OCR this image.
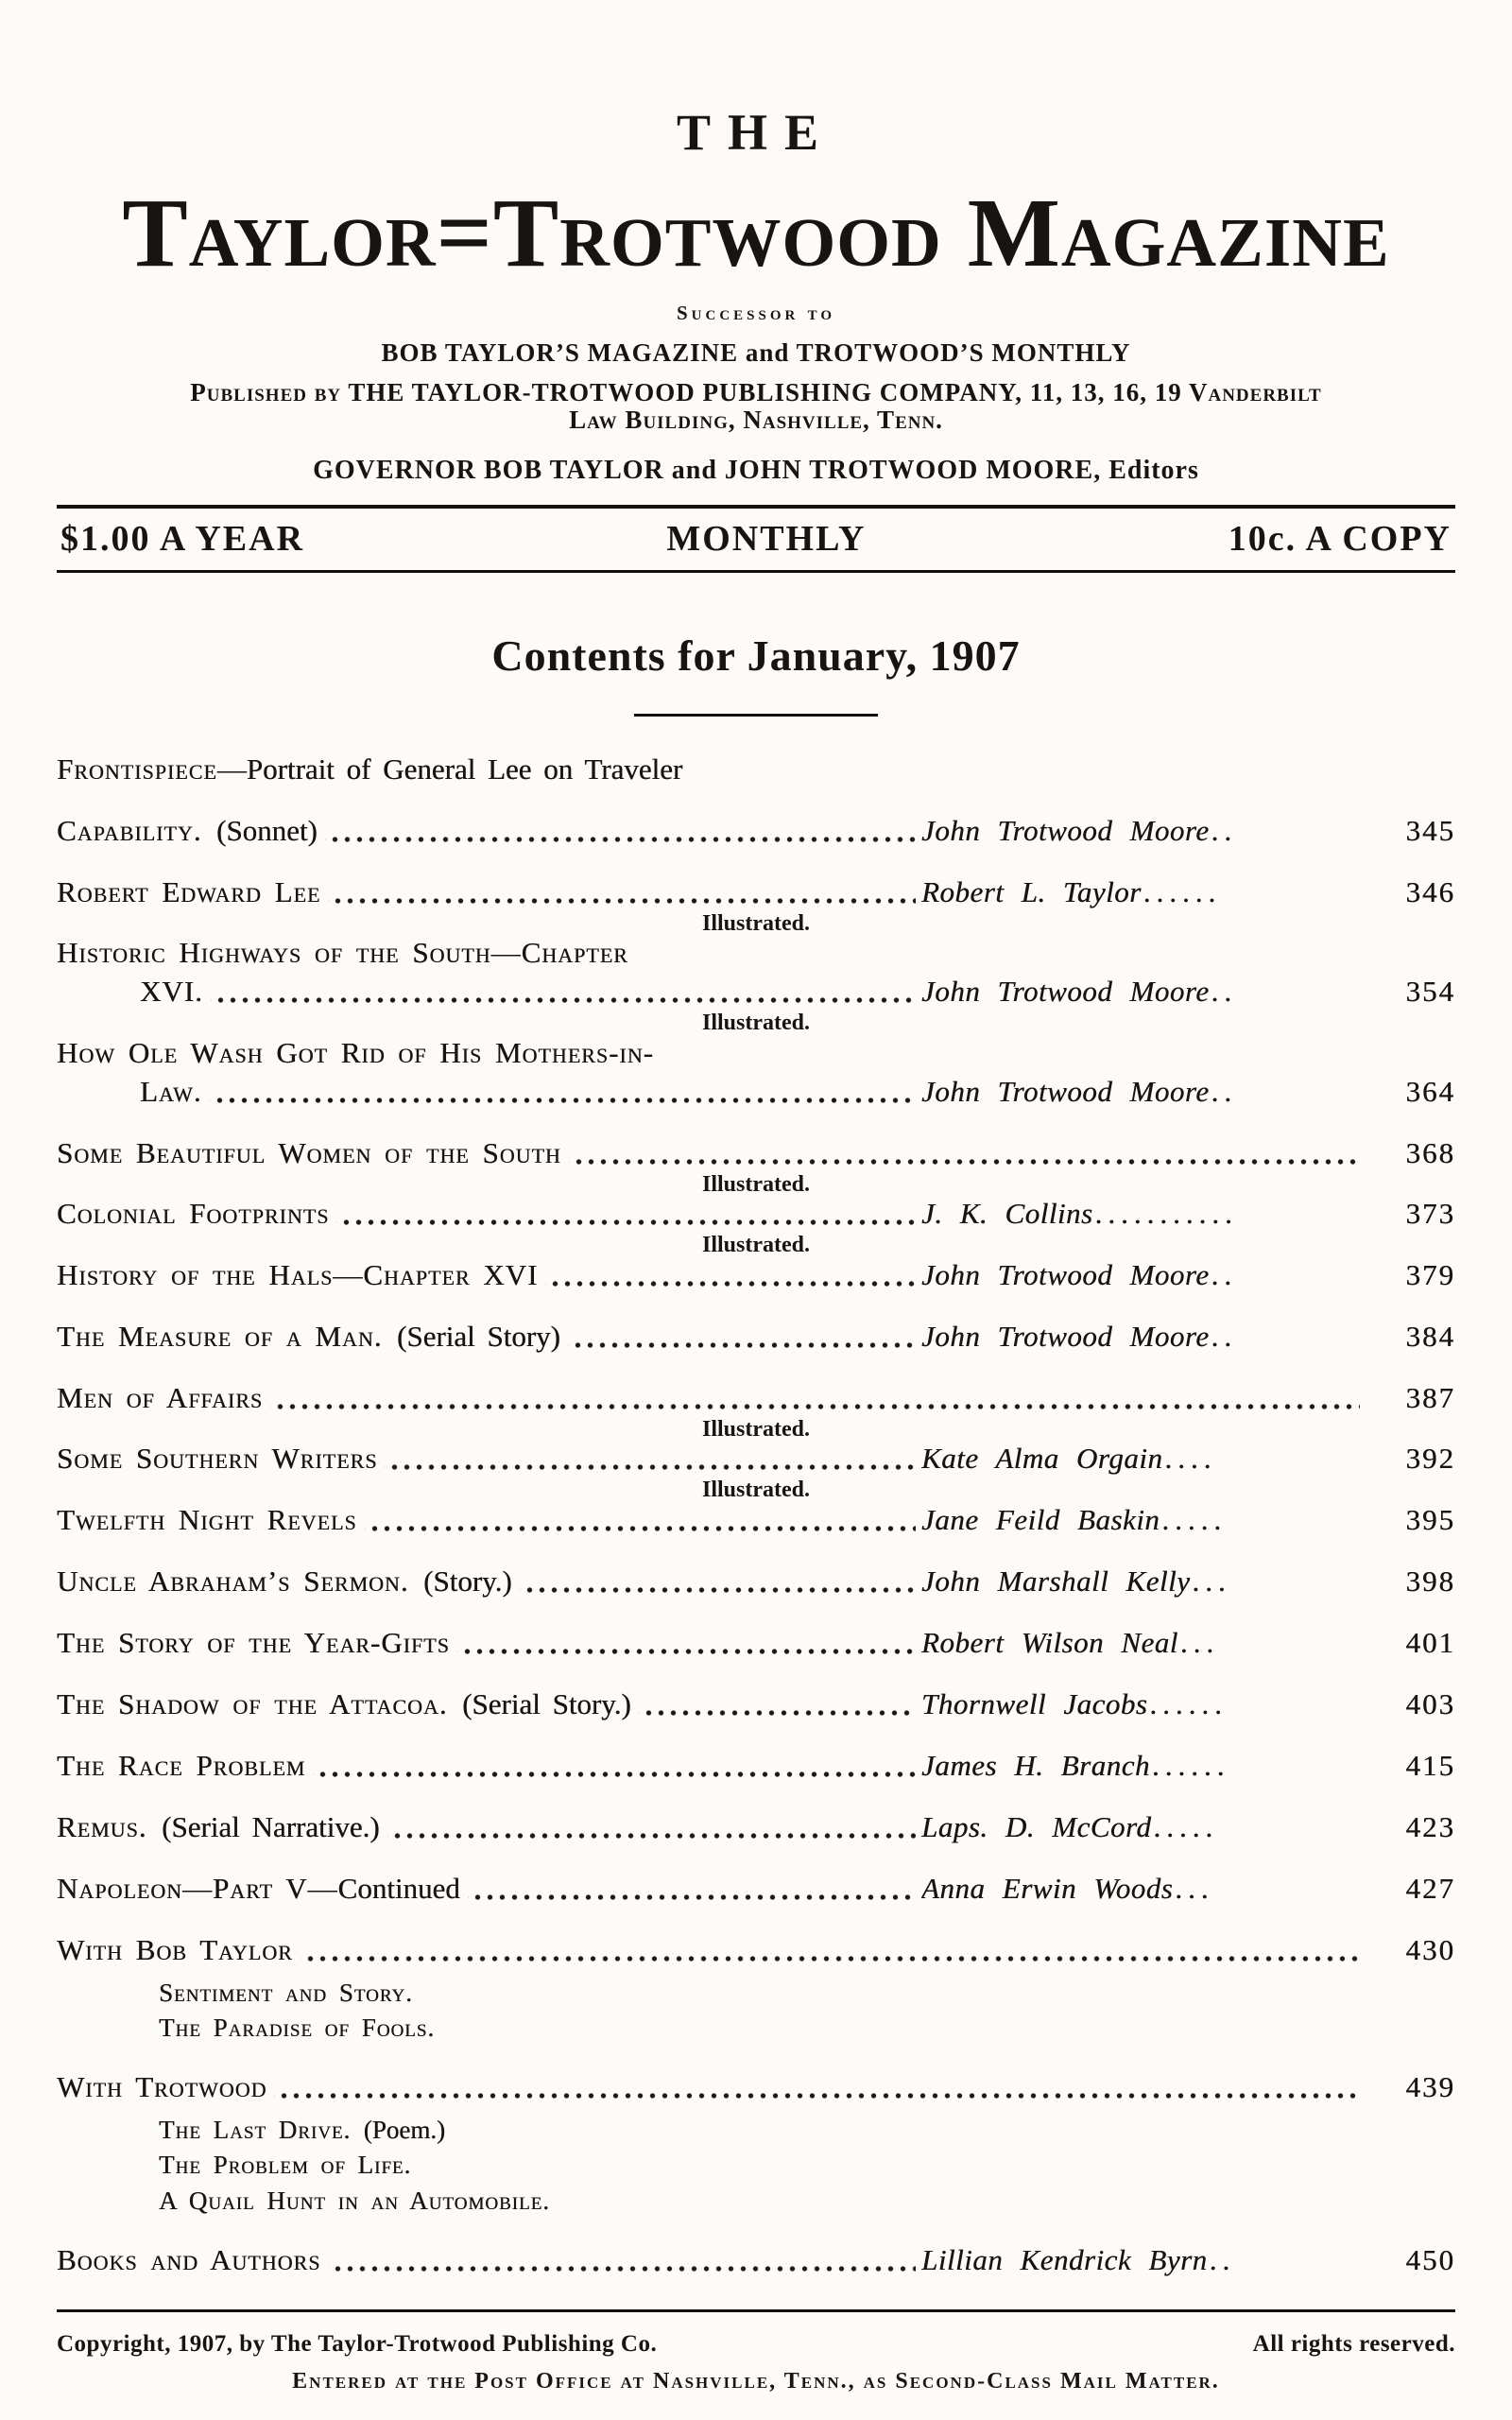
THE
Taylor=Trotwood Magazine
Successor to
BOB TAYLOR’S MAGAZINE and TROTWOOD’S MONTHLY
Published by THE TAYLOR-TROTWOOD PUBLISHING COMPANY, 11, 13, 16, 19 Vanderbilt
Law Building, Nashville, Tenn.
GOVERNOR BOB TAYLOR and JOHN TROTWOOD MOORE, Editors
$1.00 A YEAR	MONTHLY	10c. A COPY
Contents for January, 1907
Frontispiece—Portrait of General Lee on Traveler
Capability. (Sonnet)	John Trotwood Moore ..	345
Robert Edward Lee	Robert L. Taylor ......	346
Illustrated.
Historic Highways of the South—Chapter
XVI.	John Trotwood Moore ..	354
Illustrated.
How Ole Wash Got Rid of His Mothers-in-
Law.	John Trotwood Moore ..	364
Some Beautiful Women of the South	368
Illustrated.
Colonial Footprints	J. K. Collins ...........	373
Illustrated.
History of the Hals—Chapter XVI	John Trotwood Moore ..	379
The Measure of a Man. (Serial Story)	John Trotwood Moore ..	384
Men of Affairs	387
Illustrated.
Some Southern Writers	Kate Alma Orgain ....	392
Illustrated.
Twelfth Night Revels	Jane Feild Baskin .....	395
Uncle Abraham’s Sermon. (Story.)	John Marshall Kelly ...	398
The Story of the Year-Gifts	Robert Wilson Neal ...	401
The Shadow of the Attacoa. (Serial Story.)	Thornwell Jacobs ......	403
The Race Problem	James H. Branch ......	415
Remus. (Serial Narrative.)	Laps. D. McCord .....	423
Napoleon—Part V—Continued	Anna Erwin Woods ...	427
With Bob Taylor	430
Sentiment and Story.
The Paradise of Fools.
With Trotwood	439
The Last Drive. (Poem.)
The Problem of Life.
A Quail Hunt in an Automobile.
Books and Authors	Lillian Kendrick Byrn ..	450
Copyright, 1907, by The Taylor-Trotwood Publishing Co.	All rights reserved.
Entered at the Post Office at Nashville, Tenn., as Second-Class Mail Matter.
